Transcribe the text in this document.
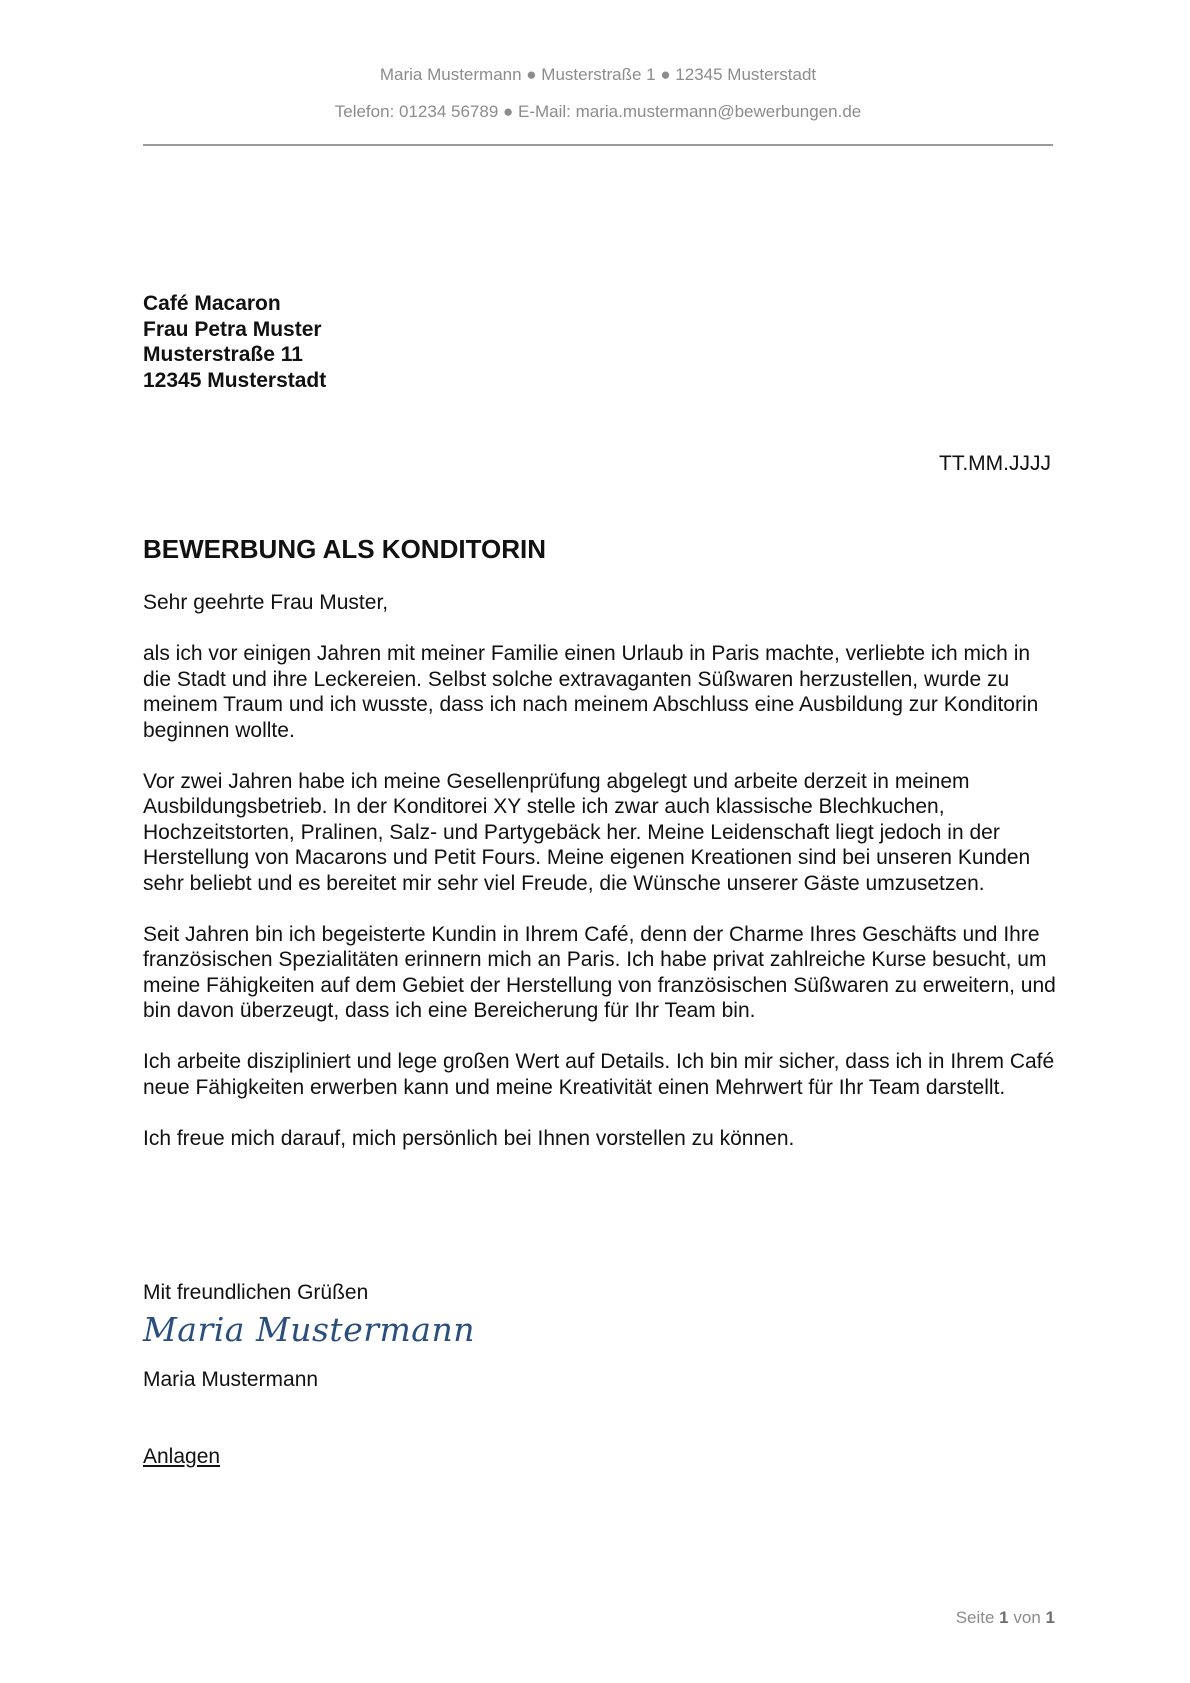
Maria Mustermann ● Musterstraße 1 ● 12345 Musterstadt
Telefon: 01234 56789 ● E-Mail: maria.mustermann@bewerbungen.de
Café Macaron
Frau Petra Muster
Musterstraße 11
12345 Musterstadt
TT.MM.JJJJ
BEWERBUNG ALS KONDITORIN

Sehr geehrte Frau Muster,

als ich vor einigen Jahren mit meiner Familie einen Urlaub in Paris machte, verliebte ich mich in die Stadt und ihre Leckereien. Selbst solche extravaganten Süßwaren herzustellen, wurde zu meinem Traum und ich wusste, dass ich nach meinem Abschluss eine Ausbildung zur Konditorin beginnen wollte.

Vor zwei Jahren habe ich meine Gesellenprüfung abgelegt und arbeite derzeit in meinem Ausbildungsbetrieb. In der Konditorei XY stelle ich zwar auch klassische Blechkuchen, Hochzeitstorten, Pralinen, Salz- und Partygebäck her. Meine Leidenschaft liegt jedoch in der Herstellung von Macarons und Petit Fours. Meine eigenen Kreationen sind bei unseren Kunden sehr beliebt und es bereitet mir sehr viel Freude, die Wünsche unserer Gäste umzusetzen.

Seit Jahren bin ich begeisterte Kundin in Ihrem Café, denn der Charme Ihres Geschäfts und Ihre französischen Spezialitäten erinnern mich an Paris. Ich habe privat zahlreiche Kurse besucht, um meine Fähigkeiten auf dem Gebiet der Herstellung von französischen Süßwaren zu erweitern, und bin davon überzeugt, dass ich eine Bereicherung für Ihr Team bin.

Ich arbeite diszipliniert und lege großen Wert auf Details. Ich bin mir sicher, dass ich in Ihrem Café neue Fähigkeiten erwerben kann und meine Kreativität einen Mehrwert für Ihr Team darstellt.

Ich freue mich darauf, mich persönlich bei Ihnen vorstellen zu können.

Mit freundlichen Grüßen
Maria Mustermann
Maria Mustermann
Anlagen
Seite 1 von 1
